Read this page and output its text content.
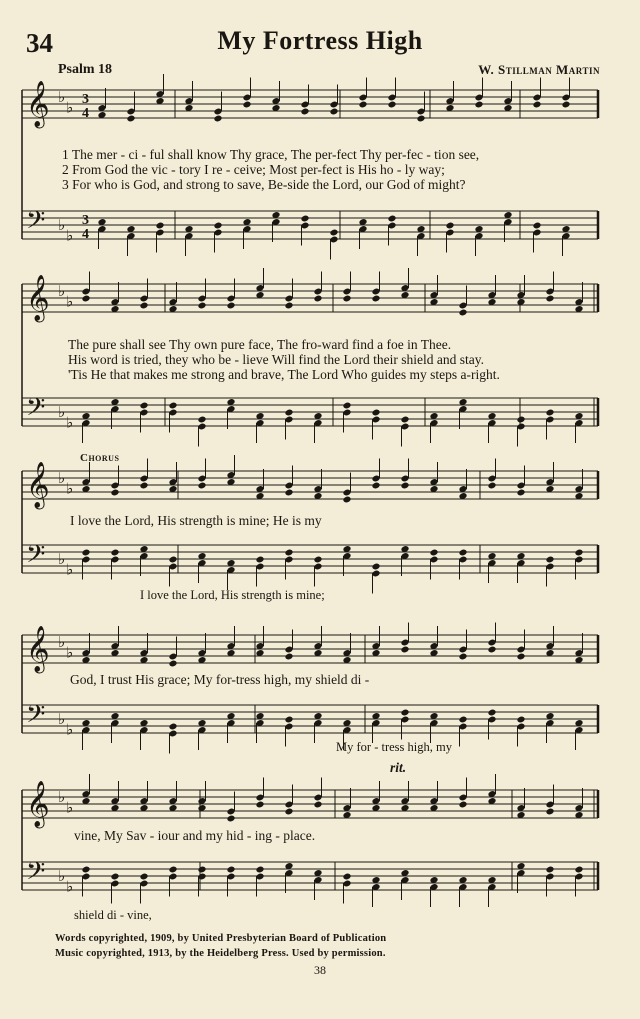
34	My Fortress High
Psalm 18	W. Stillman Martin
𝄞
𝄢
♭
♭
♭
♭
3
4
3
4
𝄞
𝄢
♭
♭
♭
♭
𝄞
𝄢
♭
♭
♭
♭
𝄞
𝄢
♭
♭
♭
♭
𝄞
𝄢
♭
♭
♭
♭
1 The mer - ci - ful shall know Thy grace, The per-fect Thy per-fec - tion see,
2 From God the vic - tory I re - ceive; Most per-fect is His ho - ly way;
3 For who is God, and strong to save, Be-side the Lord, our God of might?
The pure shall see Thy own pure face, The fro-ward find a foe in Thee.
His word is tried, they who be - lieve Will find the Lord their shield and stay.
'Tis He that makes me strong and brave, The Lord Who guides my steps a-right.
Chorus
I love the Lord, His strength is mine; He is my
I love the Lord, His strength is mine;
God, I trust His grace; My for-tress high, my shield di -
My for - tress high, my
rit.
vine, My Sav - iour and my hid - ing - place.
shield di - vine,
Words copyrighted, 1909, by United Presbyterian Board of Publication
Music copyrighted, 1913, by the Heidelberg Press. Used by permission.
38
